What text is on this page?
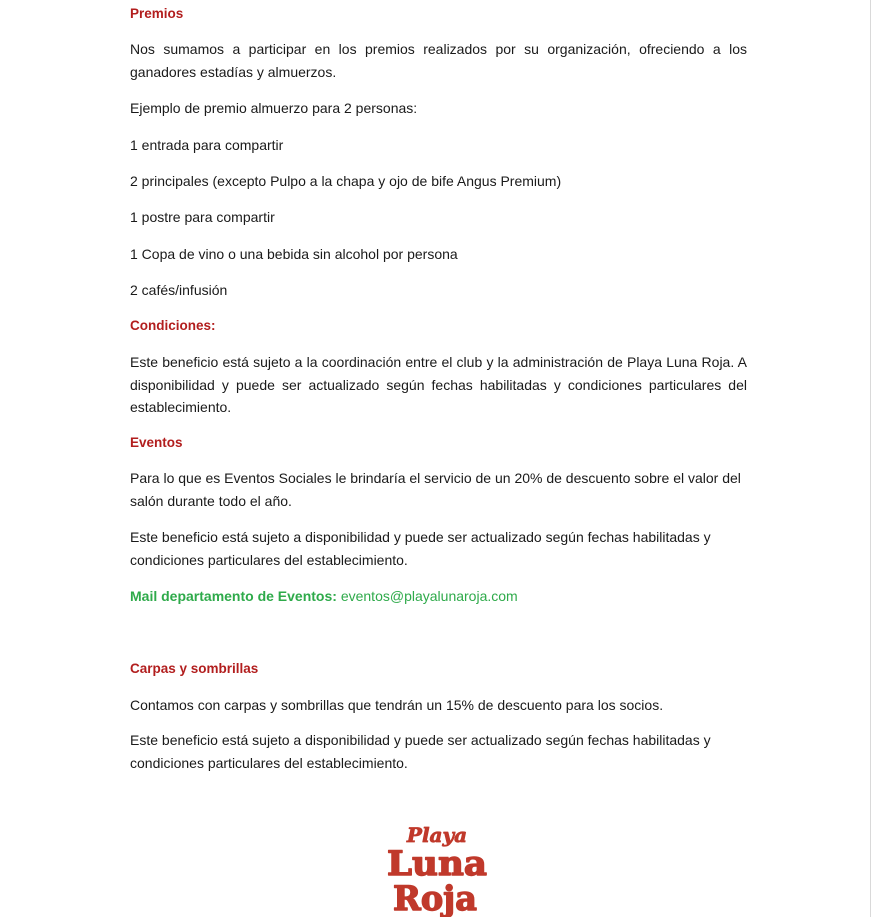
Premios
Nos sumamos a participar en los premios realizados por su organización, ofreciendo a los ganadores estadías y almuerzos.
Ejemplo de premio almuerzo para 2 personas:
1 entrada para compartir
2 principales (excepto Pulpo a la chapa y ojo de bife Angus Premium)
1 postre para compartir
1 Copa de vino o una bebida sin alcohol por persona
2 cafés/infusión
Condiciones:
Este beneficio está sujeto a la coordinación entre el club y la administración de Playa Luna Roja. A disponibilidad y puede ser actualizado según fechas habilitadas y condiciones particulares del establecimiento.
Eventos
Para lo que es Eventos Sociales le brindaría el servicio de un 20% de descuento sobre el valor del salón durante todo el año.
Este beneficio está sujeto a disponibilidad y puede ser actualizado según fechas habilitadas y condiciones particulares del establecimiento.
Mail departamento de Eventos: eventos@playalunaroja.com
Carpas y sombrillas
Contamos con carpas y sombrillas que tendrán un 15% de descuento para los socios.
Este beneficio está sujeto a disponibilidad y puede ser actualizado según fechas habilitadas y condiciones particulares del establecimiento.
Playa
Luna
Roja
